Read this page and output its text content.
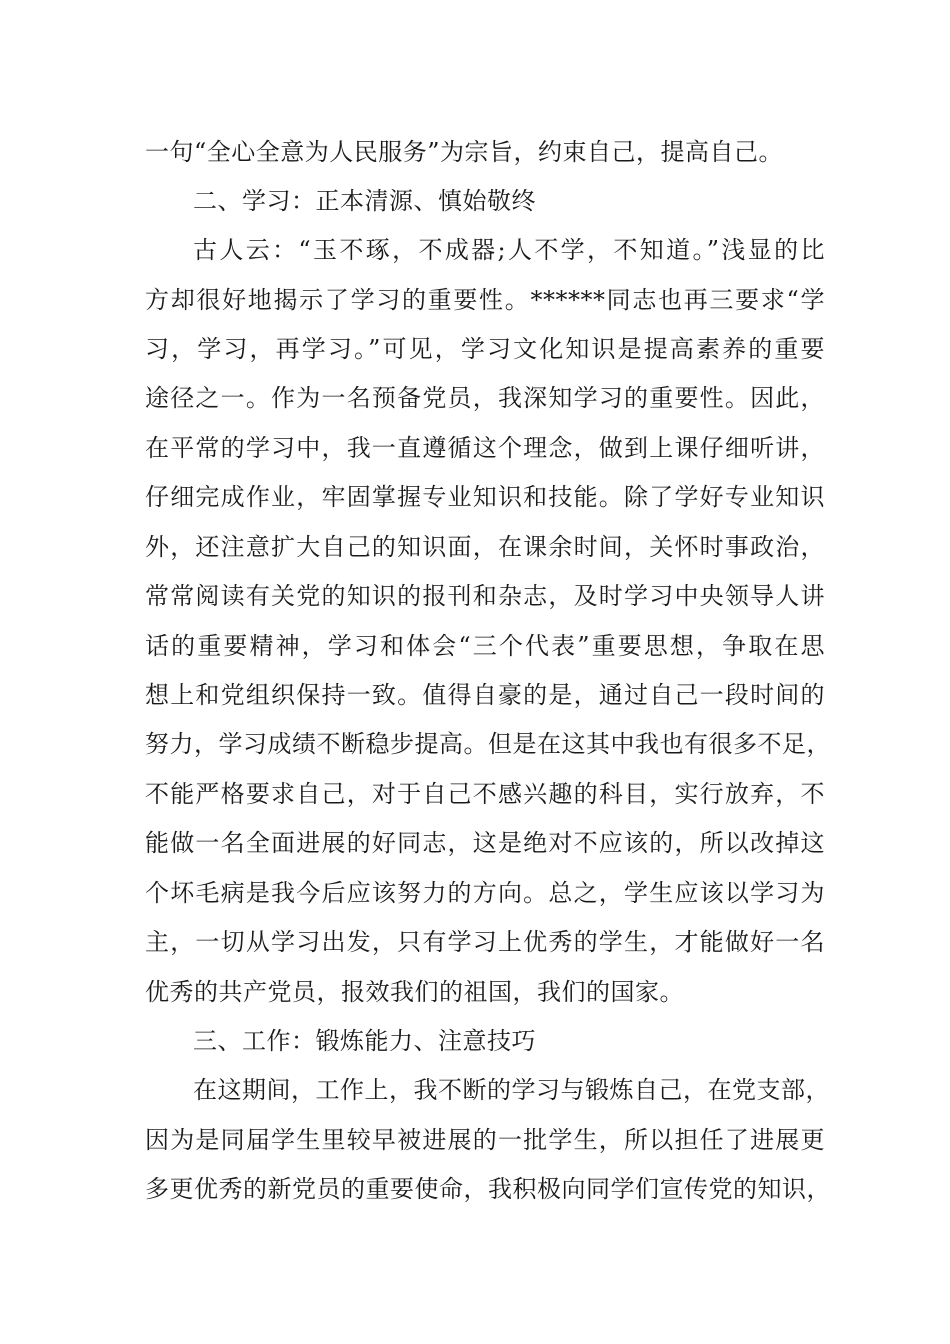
一句“全心全意为人民服务”为宗旨，约束自己，提高自己。
二、学习：正本清源、慎始敬终
古人云：“玉不琢，不成器;人不学，不知道。”浅显的比
方却很好地揭示了学习的重要性。******同志也再三要求“学
习，学习，再学习。”可见，学习文化知识是提高素养的重要
途径之一。作为一名预备党员，我深知学习的重要性。因此，
在平常的学习中，我一直遵循这个理念，做到上课仔细听讲，
仔细完成作业，牢固掌握专业知识和技能。除了学好专业知识
外，还注意扩大自己的知识面，在课余时间，关怀时事政治，
常常阅读有关党的知识的报刊和杂志，及时学习中央领导人讲
话的重要精神，学习和体会“三个代表”重要思想，争取在思
想上和党组织保持一致。值得自豪的是，通过自己一段时间的
努力，学习成绩不断稳步提高。但是在这其中我也有很多不足，
不能严格要求自己，对于自己不感兴趣的科目，实行放弃，不
能做一名全面进展的好同志，这是绝对不应该的，所以改掉这
个坏毛病是我今后应该努力的方向。总之，学生应该以学习为
主，一切从学习出发，只有学习上优秀的学生，才能做好一名
优秀的共产党员，报效我们的祖国，我们的国家。
三、工作：锻炼能力、注意技巧
在这期间，工作上，我不断的学习与锻炼自己，在党支部，
因为是同届学生里较早被进展的一批学生，所以担任了进展更
多更优秀的新党员的重要使命，我积极向同学们宣传党的知识，
